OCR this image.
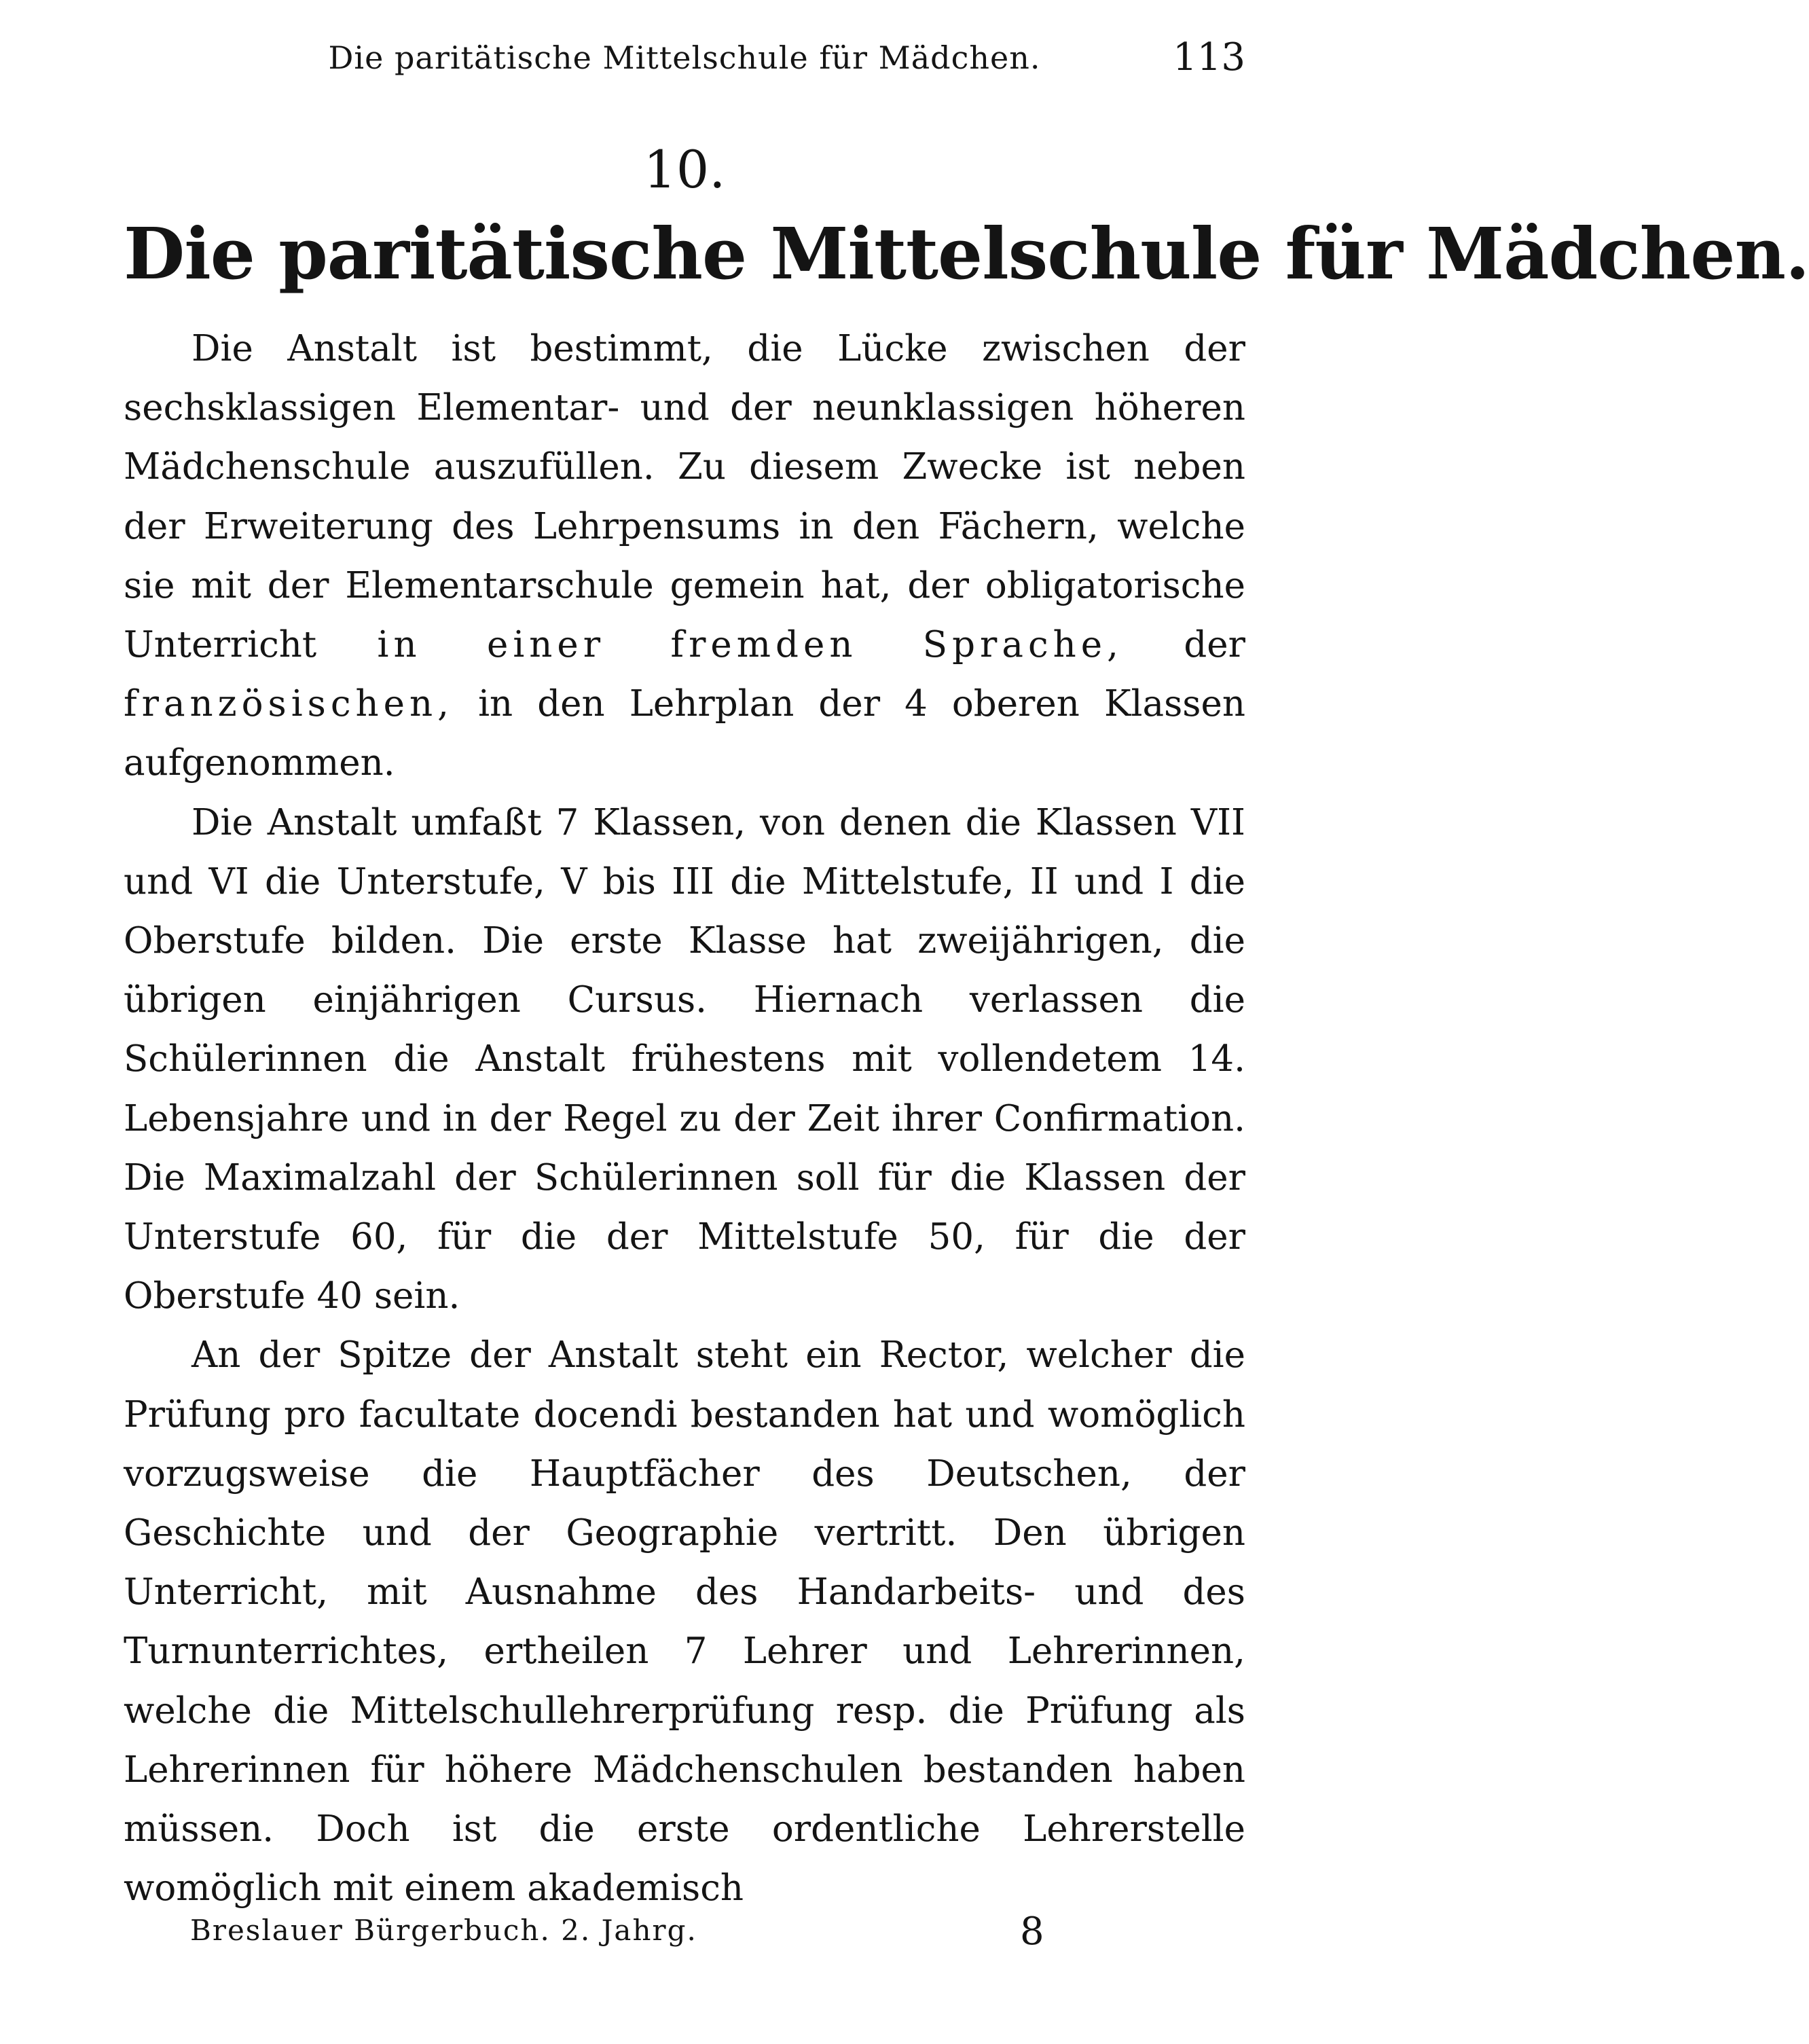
Die paritätische Mittelschule für Mädchen.	113
10.
Die paritätische Mittelschule für Mädchen.

Die Anstalt ist bestimmt, die Lücke zwischen der sechsklassigen Elementar- und der neunklassigen höheren Mädchenschule auszufüllen. Zu diesem Zwecke ist neben der Erweiterung des Lehrpensums in den Fächern, welche sie mit der Elementarschule gemein hat, der obligatorische Unterricht in einer fremden Sprache, der französischen, in den Lehrplan der 4 oberen Klassen aufgenommen.

Die Anstalt umfaßt 7 Klassen, von denen die Klassen VII und VI die Unterstufe, V bis III die Mittelstufe, II und I die Oberstufe bilden. Die erste Klasse hat zweijährigen, die übrigen einjährigen Cursus. Hiernach verlassen die Schülerinnen die Anstalt frühestens mit vollendetem 14. Lebensjahre und in der Regel zu der Zeit ihrer Confirmation. Die Maximalzahl der Schülerinnen soll für die Klassen der Unterstufe 60, für die der Mittelstufe 50, für die der Oberstufe 40 sein.

An der Spitze der Anstalt steht ein Rector, welcher die Prüfung pro facultate docendi bestanden hat und womöglich vorzugsweise die Hauptfächer des Deutschen, der Geschichte und der Geographie vertritt. Den übrigen Unterricht, mit Ausnahme des Handarbeits- und des Turnunterrichtes, ertheilen 7 Lehrer und Lehrerinnen, welche die Mittelschullehrerprüfung resp. die Prüfung als Lehrerinnen für höhere Mädchenschulen bestanden haben müssen. Doch ist die erste ordentliche Lehrerstelle womöglich mit einem akademisch

Breslauer Bürgerbuch. 2. Jahrg.	8
